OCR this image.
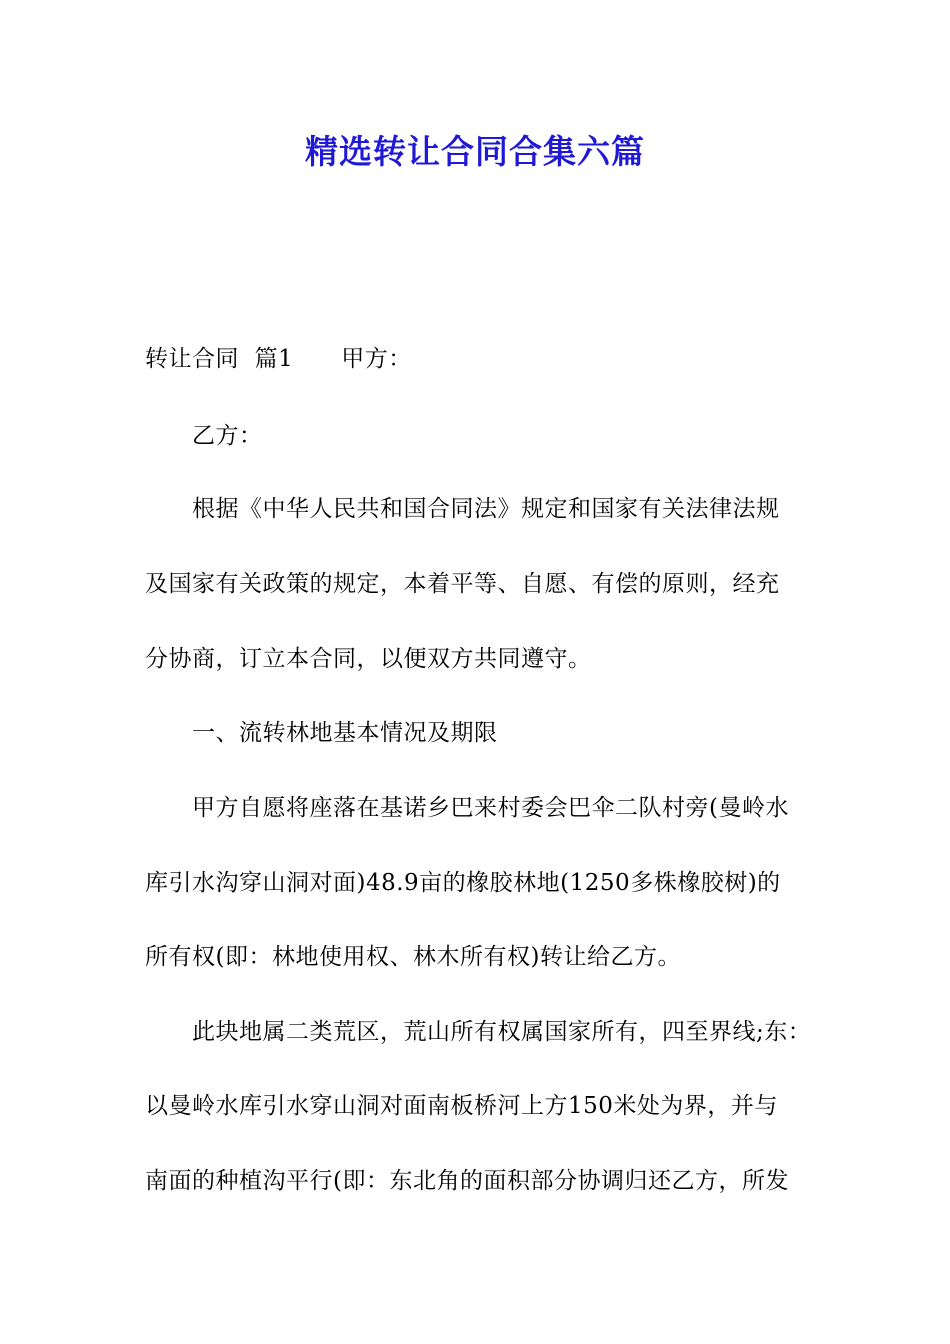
精选转让合同合集六篇
转让合同  篇1 甲方：
乙方：
根据《中华人民共和国合同法》规定和国家有关法律法规
及国家有关政策的规定，本着平等、自愿、有偿的原则，经充
分协商，订立本合同，以便双方共同遵守。
一、流转林地基本情况及期限
甲方自愿将座落在基诺乡巴来村委会巴伞二队村旁(曼岭水
库引水沟穿山洞对面)48.9亩的橡胶林地(1250多株橡胶树)的
所有权(即：林地使用权、林木所有权)转让给乙方。
此块地属二类荒区，荒山所有权属国家所有，四至界线;东：
以曼岭水库引水穿山洞对面南板桥河上方150米处为界，并与
南面的种植沟平行(即：东北角的面积部分协调归还乙方，所发
